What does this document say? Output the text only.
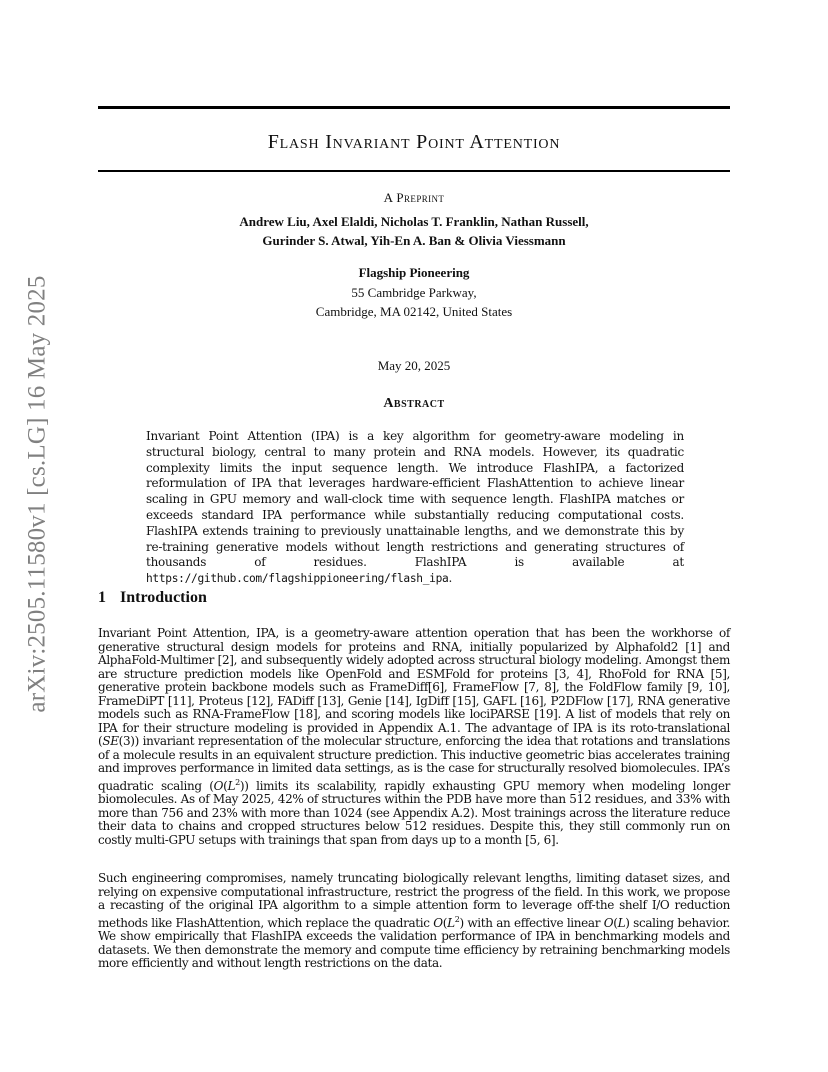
arXiv:2505.11580v1 [cs.LG] 16 May 2025
Flash Invariant Point Attention
A Preprint
Andrew Liu, Axel Elaldi, Nicholas T. Franklin, Nathan Russell,
Gurinder S. Atwal, Yih-En A. Ban & Olivia Viessmann
Flagship Pioneering
55 Cambridge Parkway,
Cambridge, MA 02142, United States
May 20, 2025
Abstract
Invariant Point Attention (IPA) is a key algorithm for geometry-aware modeling in structural biology, central to many protein and RNA models. However, its quadratic complexity limits the input sequence length. We introduce FlashIPA, a factorized reformulation of IPA that leverages hardware-efficient FlashAttention to achieve linear scaling in GPU memory and wall-clock time with sequence length. FlashIPA matches or exceeds standard IPA performance while substantially reducing computational costs. FlashIPA extends training to previously unattainable lengths, and we demonstrate this by re-training generative models without length restrictions and generating structures of thousands of residues. FlashIPA is available at https://github.com/flagshippioneering/flash_ipa.
1 Introduction

Invariant Point Attention, IPA, is a geometry-aware attention operation that has been the workhorse of generative structural design models for proteins and RNA, initially popularized by Alphafold2 [1] and AlphaFold-Multimer [2], and subsequently widely adopted across structural biology modeling. Amongst them are structure prediction models like OpenFold and ESMFold for proteins [3, 4], RhoFold for RNA [5], generative protein backbone models such as FrameDiff[6], FrameFlow [7, 8], the FoldFlow family [9, 10], FrameDiPT [11], Proteus [12], FADiff [13], Genie [14], IgDiff [15], GAFL [16], P2DFlow [17], RNA generative models such as RNA-FrameFlow [18], and scoring models like lociPARSE [19]. A list of models that rely on IPA for their structure modeling is provided in Appendix A.1. The advantage of IPA is its roto-translational (SE(3)) invariant representation of the molecular structure, enforcing the idea that rotations and translations of a molecule results in an equivalent structure prediction. This inductive geometric bias accelerates training and improves performance in limited data settings, as is the case for structurally resolved biomolecules. IPA’s quadratic scaling $(O(L^2))$ limits its scalability, rapidly exhausting GPU memory when modeling longer biomolecules. As of May 2025, 42% of structures within the PDB have more than 512 residues, and 33% with more than 756 and 23% with more than 1024 (see Appendix A.2). Most trainings across the literature reduce their data to chains and cropped structures below 512 residues. Despite this, they still commonly run on costly multi-GPU setups with trainings that span from days up to a month [5, 6].

Such engineering compromises, namely truncating biologically relevant lengths, limiting dataset sizes, and relying on expensive computational infrastructure, restrict the progress of the field. In this work, we propose a recasting of the original IPA algorithm to a simple attention form to leverage off-the shelf I/O reduction methods like FlashAttention, which replace the quadratic $O(L^2)$ with an effective linear O(L) scaling behavior. We show empirically that FlashIPA exceeds the validation performance of IPA in benchmarking models and datasets. We then demonstrate the memory and compute time efficiency by retraining benchmarking models more efficiently and without length restrictions on the data.
